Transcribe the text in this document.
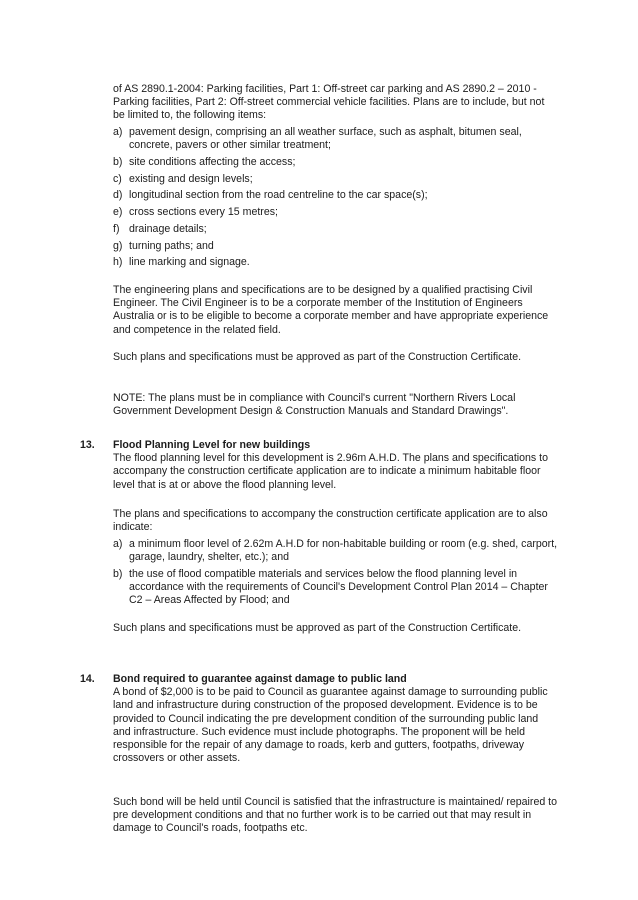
of AS 2890.1-2004: Parking facilities, Part 1: Off-street car parking and AS 2890.2 – 2010 - Parking facilities, Part 2: Off-street commercial vehicle facilities. Plans are to include, but not be limited to, the following items:

a) pavement design, comprising an all weather surface, such as asphalt, bitumen seal, concrete, pavers or other similar treatment;
b) site conditions affecting the access;
c) existing and design levels;
d) longitudinal section from the road centreline to the car space(s);
e) cross sections every 15 metres;
f) drainage details;
g) turning paths; and
h) line marking and signage.

The engineering plans and specifications are to be designed by a qualified practising Civil Engineer. The Civil Engineer is to be a corporate member of the Institution of Engineers Australia or is to be eligible to become a corporate member and have appropriate experience and competence in the related field.

Such plans and specifications must be approved as part of the Construction Certificate.

NOTE: The plans must be in compliance with Council's current "Northern Rivers Local Government Development Design & Construction Manuals and Standard Drawings".

13. Flood Planning Level for new buildings

The flood planning level for this development is 2.96m A.H.D. The plans and specifications to accompany the construction certificate application are to indicate a minimum habitable floor level that is at or above the flood planning level.

The plans and specifications to accompany the construction certificate application are to also indicate:

a) a minimum floor level of 2.62m A.H.D for non-habitable building or room (e.g. shed, carport, garage, laundry, shelter, etc.); and
b) the use of flood compatible materials and services below the flood planning level in accordance with the requirements of Council's Development Control Plan 2014 – Chapter C2 – Areas Affected by Flood; and

Such plans and specifications must be approved as part of the Construction Certificate.

14. Bond required to guarantee against damage to public land

A bond of $2,000 is to be paid to Council as guarantee against damage to surrounding public land and infrastructure during construction of the proposed development. Evidence is to be provided to Council indicating the pre development condition of the surrounding public land and infrastructure. Such evidence must include photographs. The proponent will be held responsible for the repair of any damage to roads, kerb and gutters, footpaths, driveway crossovers or other assets.

Such bond will be held until Council is satisfied that the infrastructure is maintained/ repaired to pre development conditions and that no further work is to be carried out that may result in damage to Council's roads, footpaths etc.
